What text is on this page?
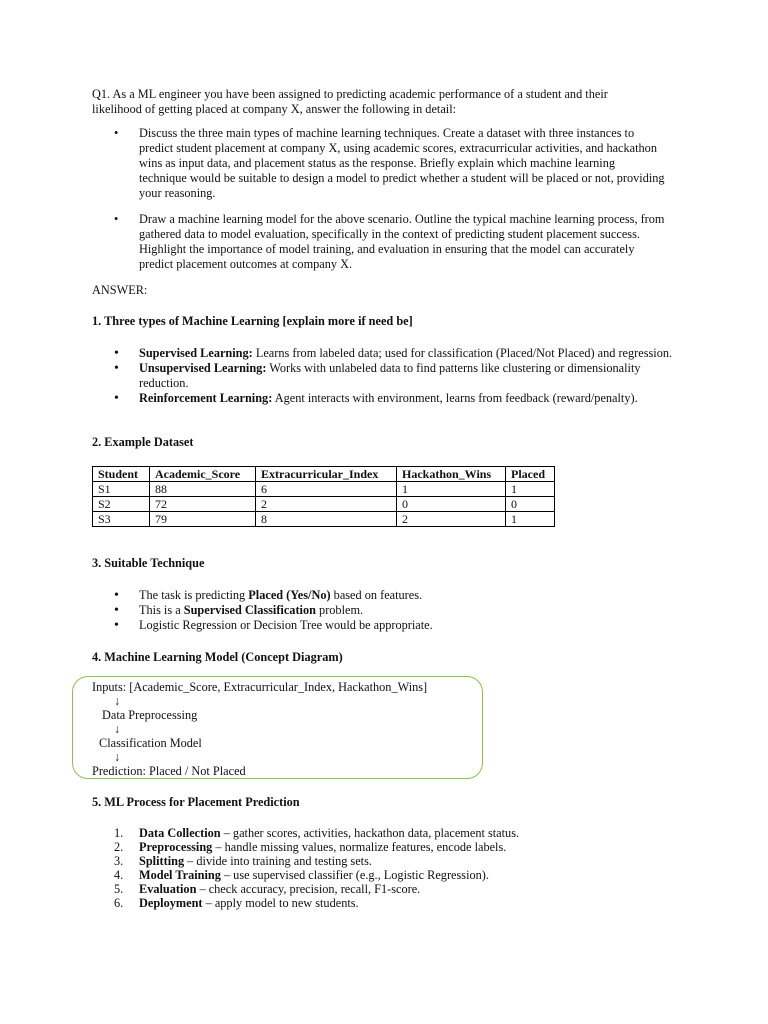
Q1. As a ML engineer you have been assigned to predicting academic performance of a student and their likelihood of getting placed at company X, answer the following in detail:

• Discuss the three main types of machine learning techniques. Create a dataset with three instances to predict student placement at company X, using academic scores, extracurricular activities, and hackathon wins as input data, and placement status as the response. Briefly explain which machine learning technique would be suitable to design a model to predict whether a student will be placed or not, providing your reasoning.
• Draw a machine learning model for the above scenario. Outline the typical machine learning process, from gathered data to model evaluation, specifically in the context of predicting student placement success. Highlight the importance of model training, and evaluation in ensuring that the model can accurately predict placement outcomes at company X.

ANSWER:

1. Three types of Machine Learning [explain more if need be]

• Supervised Learning: Learns from labeled data; used for classification (Placed/Not Placed) and regression.
• Unsupervised Learning: Works with unlabeled data to find patterns like clustering or dimensionality reduction.
• Reinforcement Learning: Agent interacts with environment, learns from feedback (reward/penalty).

2. Example Dataset

Student	Academic_Score	Extracurricular_Index	Hackathon_Wins	Placed
S1	88	6	1	1
S2	72	2	0	0
S3	79	8	2	1

3. Suitable Technique

• The task is predicting Placed (Yes/No) based on features.
• This is a Supervised Classification problem.
• Logistic Regression or Decision Tree would be appropriate.

4. Machine Learning Model (Concept Diagram)

Inputs: [Academic_Score, Extracurricular_Index, Hackathon_Wins]

↓

Data Preprocessing

↓

Classification Model

↓

Prediction: Placed / Not Placed

5. ML Process for Placement Prediction

1. Data Collection – gather scores, activities, hackathon data, placement status.
2. Preprocessing – handle missing values, normalize features, encode labels.
3. Splitting – divide into training and testing sets.
4. Model Training – use supervised classifier (e.g., Logistic Regression).
5. Evaluation – check accuracy, precision, recall, F1-score.
6. Deployment – apply model to new students.
